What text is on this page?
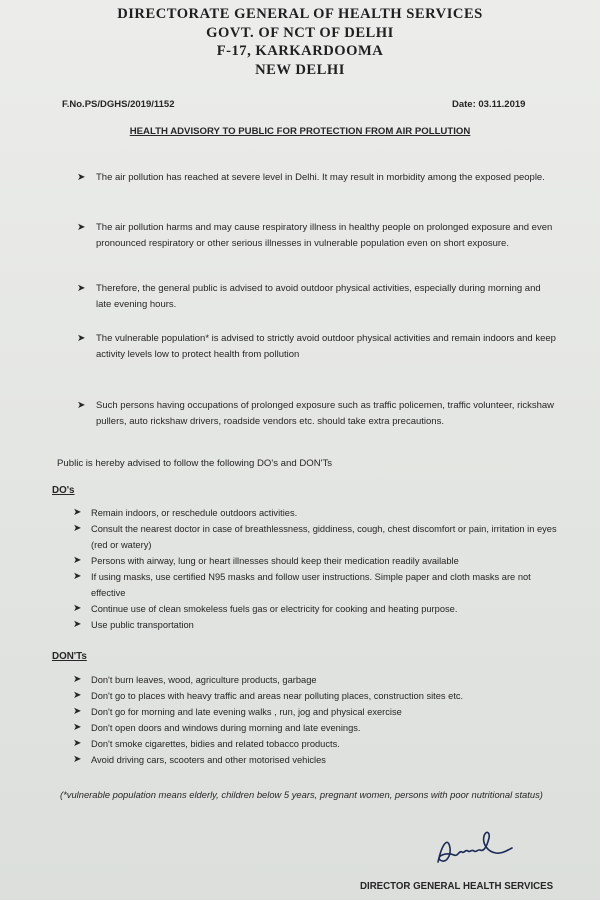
DIRECTORATE GENERAL OF HEALTH SERVICES
GOVT. OF NCT OF DELHI
F-17, KARKARDOOMA
NEW DELHI
F.No.PS/DGHS/2019/1152	Date: 03.11.2019
HEALTH ADVISORY TO PUBLIC FOR PROTECTION FROM AIR POLLUTION
➤ The air pollution has reached at severe level in Delhi. It may result in morbidity among the exposed people.
➤ The air pollution harms and may cause respiratory illness in healthy people on prolonged exposure and even pronounced respiratory or other serious illnesses in vulnerable population even on short exposure.
➤ Therefore, the general public is advised to avoid outdoor physical activities, especially during morning and late evening hours.
➤ The vulnerable population* is advised to strictly avoid outdoor physical activities and remain indoors and keep activity levels low to protect health from pollution
➤ Such persons having occupations of prolonged exposure such as traffic policemen, traffic volunteer, rickshaw pullers, auto rickshaw drivers, roadside vendors etc. should take extra precautions.
Public is hereby advised to follow the following DO's and DON'Ts
DO's
➤ Remain indoors, or reschedule outdoors activities.
➤ Consult the nearest doctor in case of breathlessness, giddiness, cough, chest discomfort or pain, irritation in eyes (red or watery)
➤ Persons with airway, lung or heart illnesses should keep their medication readily available
➤ If using masks, use certified N95 masks and follow user instructions. Simple paper and cloth masks are not effective
➤ Continue use of clean smokeless fuels gas or electricity for cooking and heating purpose.
➤ Use public transportation
DON'Ts
➤ Don't burn leaves, wood, agriculture products, garbage
➤ Don't go to places with heavy traffic and areas near polluting places, construction sites etc.
➤ Don't go for morning and late evening walks , run, jog and physical exercise
➤ Don't open doors and windows during morning and late evenings.
➤ Don't smoke cigarettes, bidies and related tobacco products.
➤ Avoid driving cars, scooters and other motorised vehicles
(*vulnerable population means elderly, children below 5 years, pregnant women, persons with poor nutritional status)
DIRECTOR GENERAL HEALTH SERVICES
